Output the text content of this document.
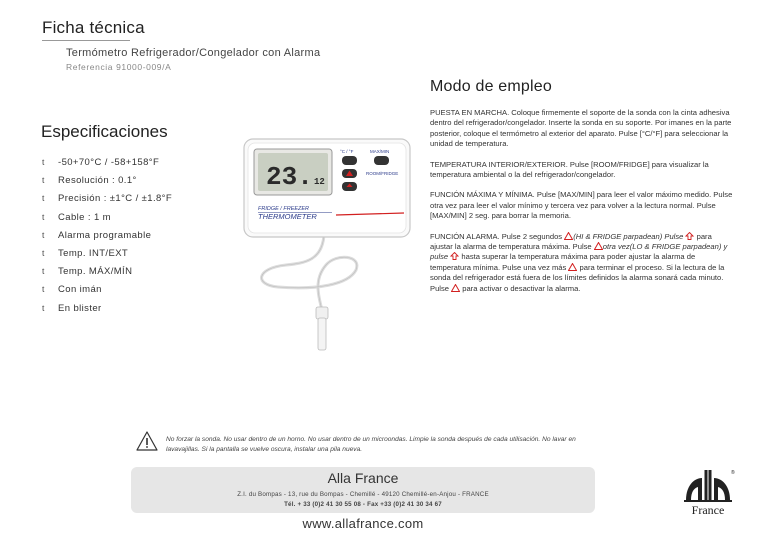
Ficha técnica
Termómetro Refrigerador/Congelador con Alarma
Referencia 91000-009/A
Especificaciones
t	-50+70°C / -58+158°F
t	Resolución : 0.1°
t	Precisión : ±1°C / ±1.8°F
t	Cable : 1 m
t	Alarma programable
t	Temp. INT/EXT
t	Temp. MÁX/MÍN
t	Con imán
t	En blister
23. 12
°C / °F	MAX/MIN
ROOM/FRIDGE
FRIDGE / FREEZER
THERMOMETER
Modo de empleo

PUESTA EN MARCHA. Coloque firmemente el soporte de la sonda con la cinta adhesiva dentro del refrigerador/congelador. Inserte la sonda en su soporte. Por imanes en la parte posterior, coloque el termómetro al exterior del aparato. Pulse [°C/°F] para seleccionar la unidad de temperatura.

TEMPERATURA INTERIOR/EXTERIOR. Pulse [ROOM/FRIDGE] para visualizar la temperatura ambiental o la del refrigerador/congelador.

FUNCIÓN MÁXIMA Y MÍNIMA. Pulse [MAX/MIN] para leer el valor máximo medido. Pulse otra vez para leer el valor mínimo y tercera vez para volver a la lectura normal. Pulse [MAX/MIN] 2 seg. para borrar la memoria.

FUNCIÓN ALARMA. Pulse 2 segundos (HI & FRIDGE parpadean) Pulse  para ajustar la alarma de temperatura máxima. Pulse otra vez(LO & FRIDGE parpadean) y pulse  hasta superar la temperatura máxima para poder ajustar la alarma de temperatura mínima. Pulse una vez más  para terminar el proceso. Si la lectura de la sonda del refrigerador está fuera de los límites definidos la alarma sonará cada minuto. Pulse  para activar o desactivar la alarma.

No forzar la sonda. No usar dentro de un horno. No usar dentro de un microondas. Limpie la sonda después de cada utilisación. No lavar en lavavajillas. Si la pantalla se vuelve oscura, instalar una pila nueva.
Alla France
Z.I. du Bompas - 13, rue du Bompas - Chemillé - 49120 Chemillé-en-Anjou - FRANCE
Tél. + 33 (0)2 41 30 55 08 - Fax +33 (0)2 41 30 34 67
www.allafrance.com
®
France
